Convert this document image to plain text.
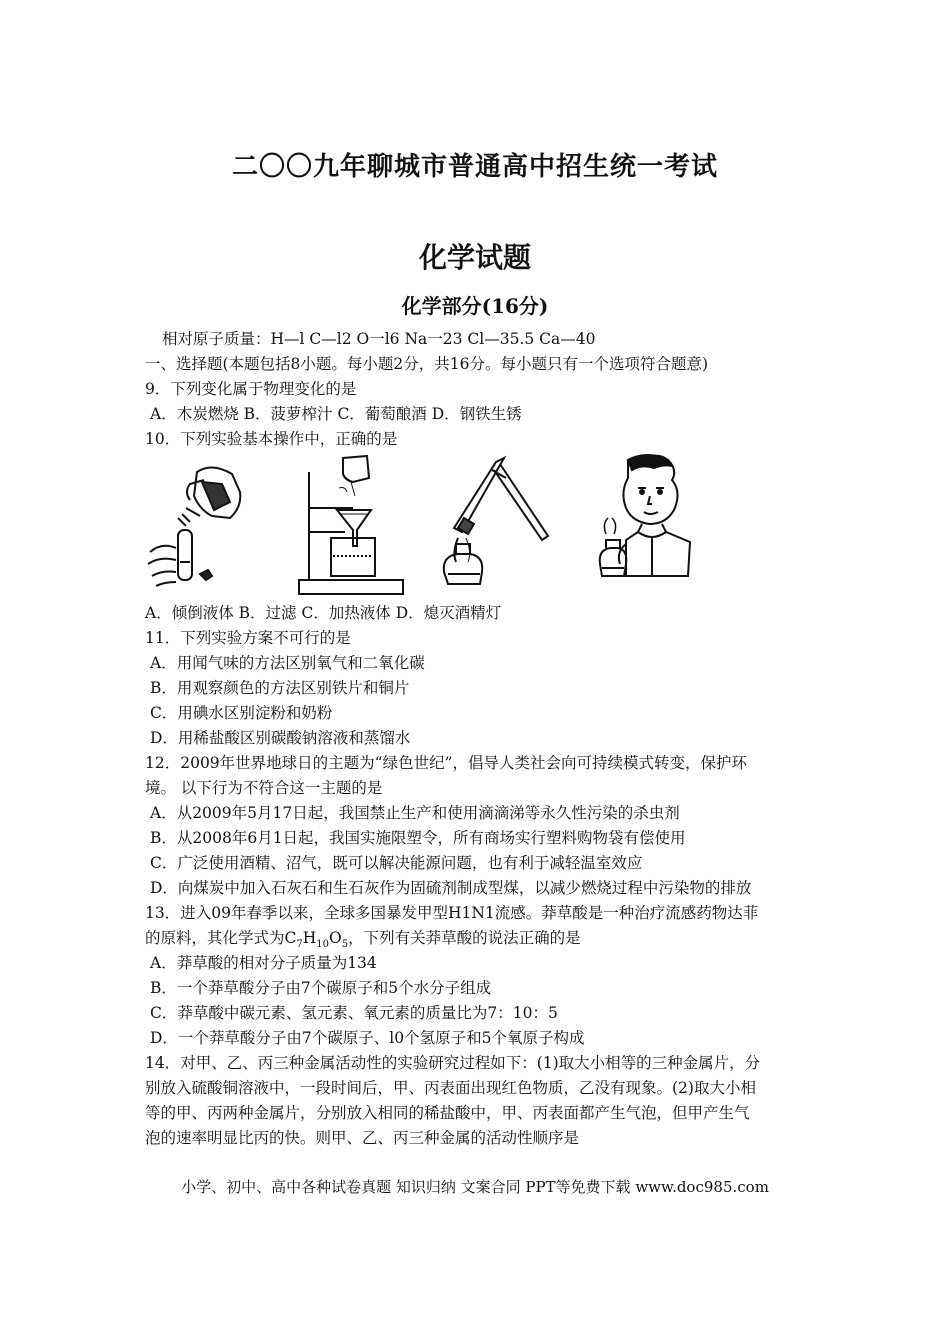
二〇〇九年聊城市普通高中招生统一考试
化学试题
化学部分(16分)
相对原子质量：H—l C—l2 O一l6 Na一23 Cl—35.5 Ca—40
一、选择题(本题包括8小题。每小题2分，共16分。每小题只有一个选项符合题意)
9．下列变化属于物理变化的是
A．木炭燃烧 B．菠萝榨汁 C．葡萄酿酒 D．钢铁生锈
10．下列实验基本操作中，正确的是
A．倾倒液体 B．过滤 C．加热液体 D．熄灭酒精灯
11．下列实验方案不可行的是
A．用闻气味的方法区别氧气和二氧化碳
B．用观察颜色的方法区别铁片和铜片
C．用碘水区别淀粉和奶粉
D．用稀盐酸区别碳酸钠溶液和蒸馏水
12．2009年世界地球日的主题为“绿色世纪”，倡导人类社会向可持续模式转变，保护环
境。 以下行为不符合这一主题的是
A．从2009年5月17日起，我国禁止生产和使用滴滴涕等永久性污染的杀虫剂
B．从2008年6月1日起，我国实施限塑令，所有商场实行塑料购物袋有偿使用
C．广泛使用酒精、沼气，既可以解决能源问题，也有利于减轻温室效应
D．向煤炭中加入石灰石和生石灰作为固硫剂制成型煤，以减少燃烧过程中污染物的排放
13．进入09年春季以来，全球多国暴发甲型H1N1流感。莽草酸是一种治疗流感药物达菲
的原料，其化学式为$C_7H_{10}O_5$，下列有关莽草酸的说法正确的是
A．莽草酸的相对分子质量为134
B．一个莽草酸分子由7个碳原子和5个水分子组成
C．莽草酸中碳元素、氢元素、氧元素的质量比为7：10：5
D．一个莽草酸分子由7个碳原子、l0个氢原子和5个氧原子构成
14．对甲、乙、丙三种金属活动性的实验研究过程如下：(1)取大小相等的三种金属片，分
别放入硫酸铜溶液中，一段时间后，甲、丙表面出现红色物质，乙没有现象。(2)取大小相
等的甲、丙两种金属片，分别放入相同的稀盐酸中，甲、丙表面都产生气泡，但甲产生气
泡的速率明显比丙的快。则甲、乙、丙三种金属的活动性顺序是
小学、初中、高中各种试卷真题 知识归纳 文案合同 PPT等免费下载 www.doc985.com
